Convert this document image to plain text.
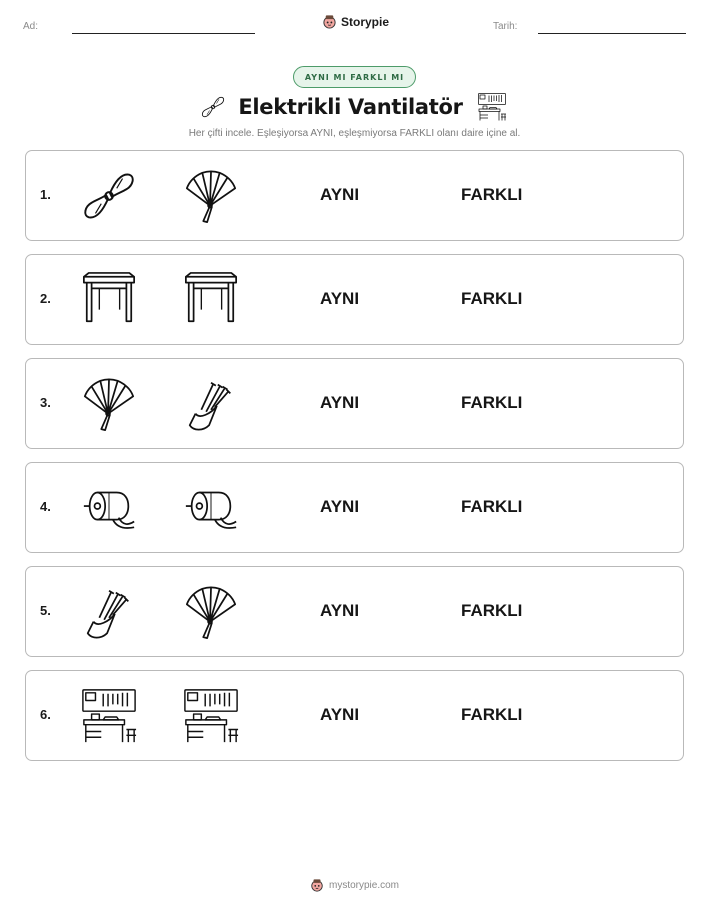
Ad:	Storypie	Tarih:
AYNI MI FARKLI MI
Elektrikli Vantilatör
Her çifti incele. Eşleşiyorsa AYNI, eşleşmiyorsa FARKLI olanı daire içine al.
1.	AYNI	FARKLI
2.	AYNI	FARKLI
3.	AYNI	FARKLI
4.	AYNI	FARKLI
5.	AYNI	FARKLI
6.	AYNI	FARKLI
mystorypie.com
